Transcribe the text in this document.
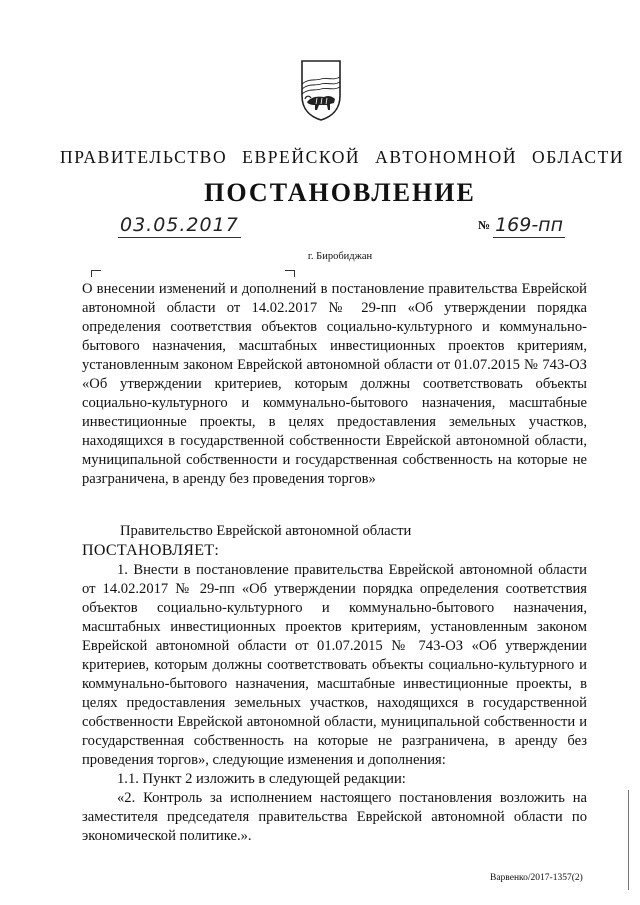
ПРАВИТЕЛЬСТВО ЕВРЕЙСКОЙ АВТОНОМНОЙ ОБЛАСТИ
ПОСТАНОВЛЕНИЕ
03.05.2017	№ 169-пп
г. Биробиджан

О внесении изменений и дополнений в постановление правительства Еврейской автономной области от 14.02.2017 № 29-пп «Об утверждении порядка определения соответствия объектов социально-культурного и коммунально-бытового назначения, масштабных инвестиционных проектов критериям, установленным законом Еврейской автономной области от 01.07.2015 № 743-ОЗ «Об утверждении критериев, которым должны соответствовать объекты социально-культурного и коммунально-бытового назначения, масштабные инвестиционные проекты, в целях предоставления земельных участков, находящихся в государственной собственности Еврейской автономной области, муниципальной собственности и государственная собственность на которые не разграничена, в аренду без проведения торгов»

Правительство Еврейской автономной области

ПОСТАНОВЛЯЕТ:

1. Внести в постановление правительства Еврейской автономной области от 14.02.2017 № 29-пп «Об утверждении порядка определения соответствия объектов социально-культурного и коммунально-бытового назначения, масштабных инвестиционных проектов критериям, установленным законом Еврейской автономной области от 01.07.2015 № 743-ОЗ «Об утверждении критериев, которым должны соответствовать объекты социально-культурного и коммунально-бытового назначения, масштабные инвестиционные проекты, в целях предоставления земельных участков, находящихся в государственной собственности Еврейской автономной области, муниципальной собственности и государственная собственность на которые не разграничена, в аренду без проведения торгов», следующие изменения и дополнения:

1.1. Пункт 2 изложить в следующей редакции:

«2. Контроль за исполнением настоящего постановления возложить на заместителя председателя правительства Еврейской автономной области по экономической политике.».

Варвенко/2017-1357(2)
